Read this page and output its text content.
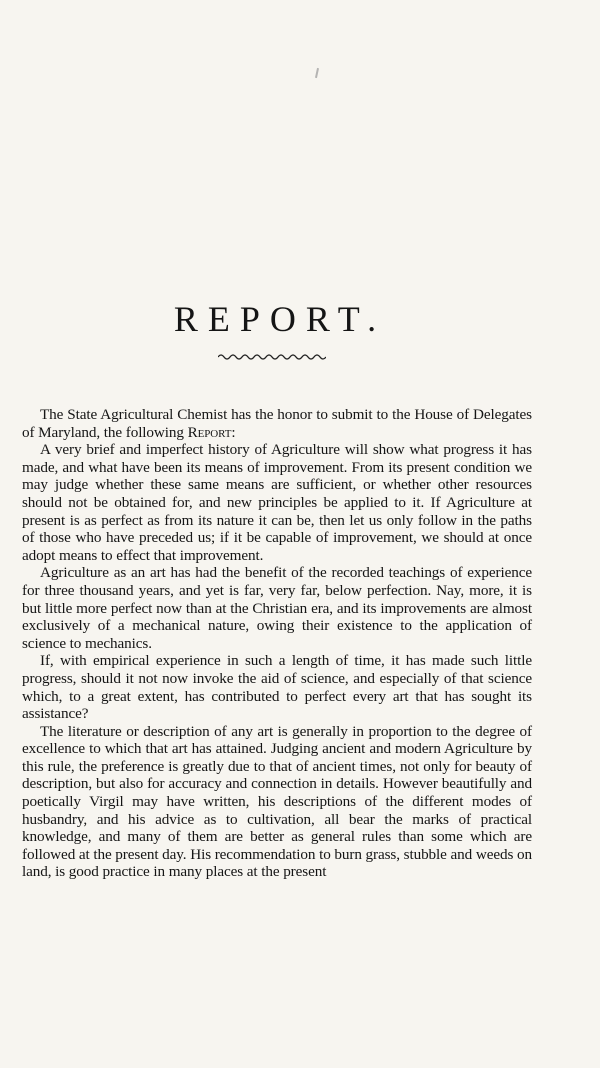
REPORT.

The State Agricultural Chemist has the honor to submit to the House of Delegates of Maryland, the following Report:

A very brief and imperfect history of Agriculture will show what progress it has made, and what have been its means of improvement. From its present condition we may judge whether these same means are sufficient, or whether other resources should not be obtained for, and new principles be applied to it. If Agriculture at present is as perfect as from its nature it can be, then let us only follow in the paths of those who have preceded us; if it be capable of improvement, we should at once adopt means to effect that improvement.

Agriculture as an art has had the benefit of the recorded teachings of experience for three thousand years, and yet is far, very far, below perfection. Nay, more, it is but little more perfect now than at the Christian era, and its improvements are almost exclusively of a mechanical nature, owing their existence to the application of science to mechanics.

If, with empirical experience in such a length of time, it has made such little progress, should it not now invoke the aid of science, and especially of that science which, to a great extent, has contributed to perfect every art that has sought its assistance?

The literature or description of any art is generally in proportion to the degree of excellence to which that art has attained. Judging ancient and modern Agriculture by this rule, the preference is greatly due to that of ancient times, not only for beauty of description, but also for accuracy and connection in details. However beautifully and poetically Virgil may have written, his descriptions of the different modes of husbandry, and his advice as to cultivation, all bear the marks of practical knowledge, and many of them are better as general rules than some which are followed at the present day. His recommendation to burn grass, stubble and weeds on land, is good practice in many places at the present
